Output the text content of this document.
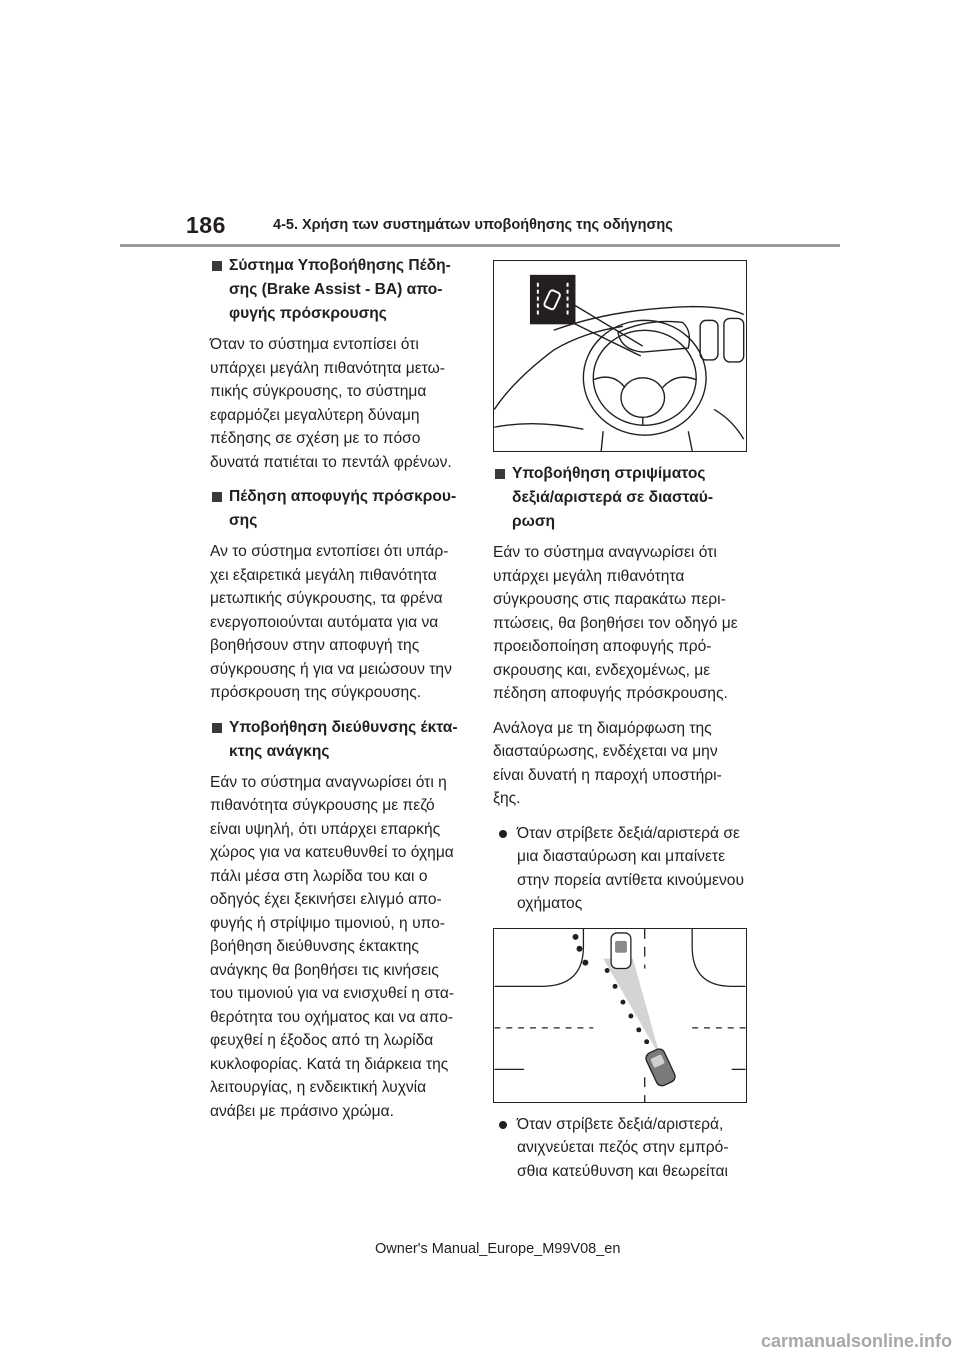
186	4-5. Χρήση των συστημάτων υποβοήθησης της οδήγησης
Σύστημα Υποβοήθησης Πέδη-
σης (Brake Assist - BA) απο-
φυγής πρόσκρουσης
Όταν το σύστημα εντοπίσει ότι
υπάρχει μεγάλη πιθανότητα μετω-
πικής σύγκρουσης, το σύστημα
εφαρμόζει μεγαλύτερη δύναμη
πέδησης σε σχέση με το πόσο
δυνατά πατιέται το πεντάλ φρένων.
Πέδηση αποφυγής πρόσκρου-
σης
Αν το σύστημα εντοπίσει ότι υπάρ-
χει εξαιρετικά μεγάλη πιθανότητα
μετωπικής σύγκρουσης, τα φρένα
ενεργοποιούνται αυτόματα για να
βοηθήσουν στην αποφυγή της
σύγκρουσης ή για να μειώσουν την
πρόσκρουση της σύγκρουσης.
Υποβοήθηση διεύθυνσης έκτα-
κτης ανάγκης
Εάν το σύστημα αναγνωρίσει ότι η
πιθανότητα σύγκρουσης με πεζό
είναι υψηλή, ότι υπάρχει επαρκής
χώρος για να κατευθυνθεί το όχημα
πάλι μέσα στη λωρίδα του και ο
οδηγός έχει ξεκινήσει ελιγμό απο-
φυγής ή στρίψιμο τιμονιού, η υπο-
βοήθηση διεύθυνσης έκτακτης
ανάγκης θα βοηθήσει τις κινήσεις
του τιμονιού για να ενισχυθεί η στα-
θερότητα του οχήματος και να απο-
φευχθεί η έξοδος από τη λωρίδα
κυκλοφορίας. Κατά τη διάρκεια της
λειτουργίας, η ενδεικτική λυχνία
ανάβει με πράσινο χρώμα.
Υποβοήθηση στριψίματος
δεξιά/αριστερά σε διασταύ-
ρωση
Εάν το σύστημα αναγνωρίσει ότι
υπάρχει μεγάλη πιθανότητα
σύγκρουσης στις παρακάτω περι-
πτώσεις, θα βοηθήσει τον οδηγό με
προειδοποίηση αποφυγής πρό-
σκρουσης και, ενδεχομένως, με
πέδηση αποφυγής πρόσκρουσης.
Ανάλογα με τη διαμόρφωση της
διασταύρωσης, ενδέχεται να μην
είναι δυνατή η παροχή υποστήρι-
ξης.
Όταν στρίβετε δεξιά/αριστερά σε
μια διασταύρωση και μπαίνετε
στην πορεία αντίθετα κινούμενου
οχήματος
Όταν στρίβετε δεξιά/αριστερά,
ανιχνεύεται πεζός στην εμπρό-
σθια κατεύθυνση και θεωρείται
Owner's Manual_Europe_M99V08_en
carmanualsonline.info
